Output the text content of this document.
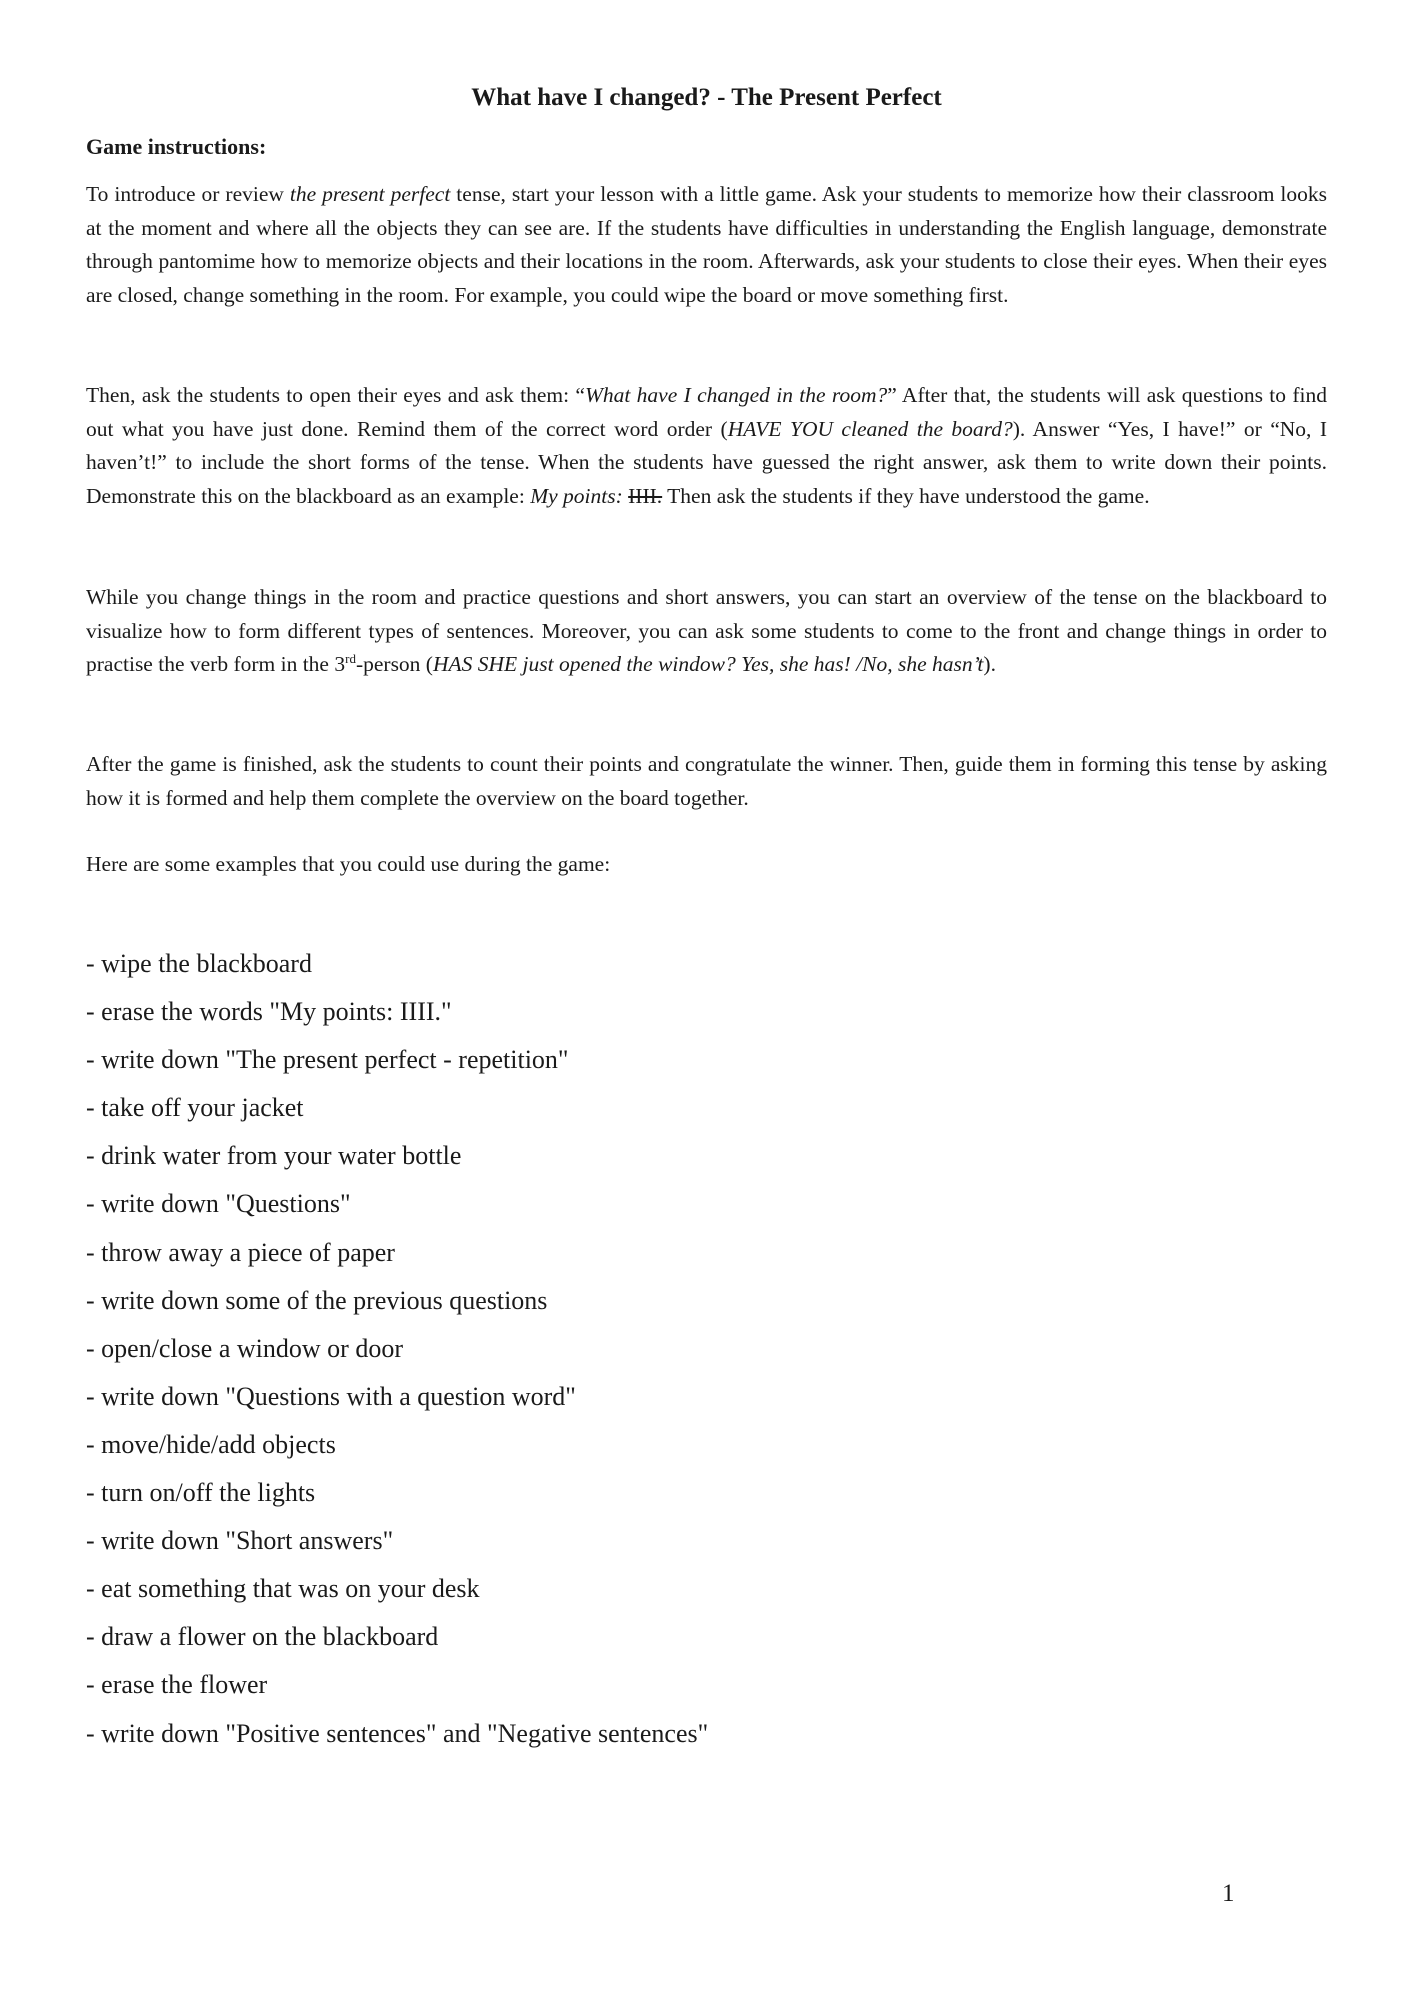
What have I changed? - The Present Perfect
Game instructions:

To introduce or review the present perfect tense, start your lesson with a little game. Ask your students to memorize how their classroom looks at the moment and where all the objects they can see are. If the students have difficulties in understanding the English language, demonstrate through pantomime how to memorize objects and their locations in the room. Afterwards, ask your students to close their eyes. When their eyes are closed, change something in the room. For example, you could wipe the board or move something first.

Then, ask the students to open their eyes and ask them: “What have I changed in the room?” After that, the students will ask questions to find out what you have just done. Remind them of the correct word order (HAVE YOU cleaned the board?). Answer “Yes, I have!” or “No, I haven’t!” to include the short forms of the tense. When the students have guessed the right answer, ask them to write down their points. Demonstrate this on the blackboard as an example: My points: IIII. Then ask the students if they have understood the game.

While you change things in the room and practice questions and short answers, you can start an overview of the tense on the blackboard to visualize how to form different types of sentences. Moreover, you can ask some students to come to the front and change things in order to practise the verb form in the 3rd-person (HAS SHE just opened the window? Yes, she has! /No, she hasn’t).

After the game is finished, ask the students to count their points and congratulate the winner. Then, guide them in forming this tense by asking how it is formed and help them complete the overview on the board together.

Here are some examples that you could use during the game:

- wipe the blackboard
- erase the words "My points: IIII."
- write down "The present perfect - repetition"
- take off your jacket
- drink water from your water bottle
- write down "Questions"
- throw away a piece of paper
- write down some of the previous questions
- open/close a window or door
- write down "Questions with a question word"
- move/hide/add objects
- turn on/off the lights
- write down "Short answers"
- eat something that was on your desk
- draw a flower on the blackboard
- erase the flower
- write down "Positive sentences" and "Negative sentences"
1
